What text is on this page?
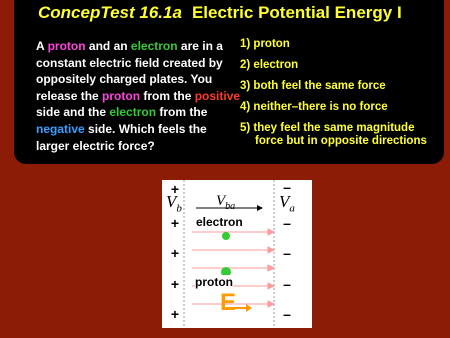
ConcepTest 16.1a Electric Potential Energy I
A proton and an electron are in a constant electric field created by oppositely charged plates. You release the proton from the positive side and the electron from the negative side. Which feels the larger electric force?
1) proton
2) electron
3) both feel the same force
4) neither–there is no force
5) they feel the same magnitude
force but in opposite directions
+
+
+
+
+
–
–
–
–
–
$V_b$	$V_a$
$V_{ba}$
electron
proton
E
